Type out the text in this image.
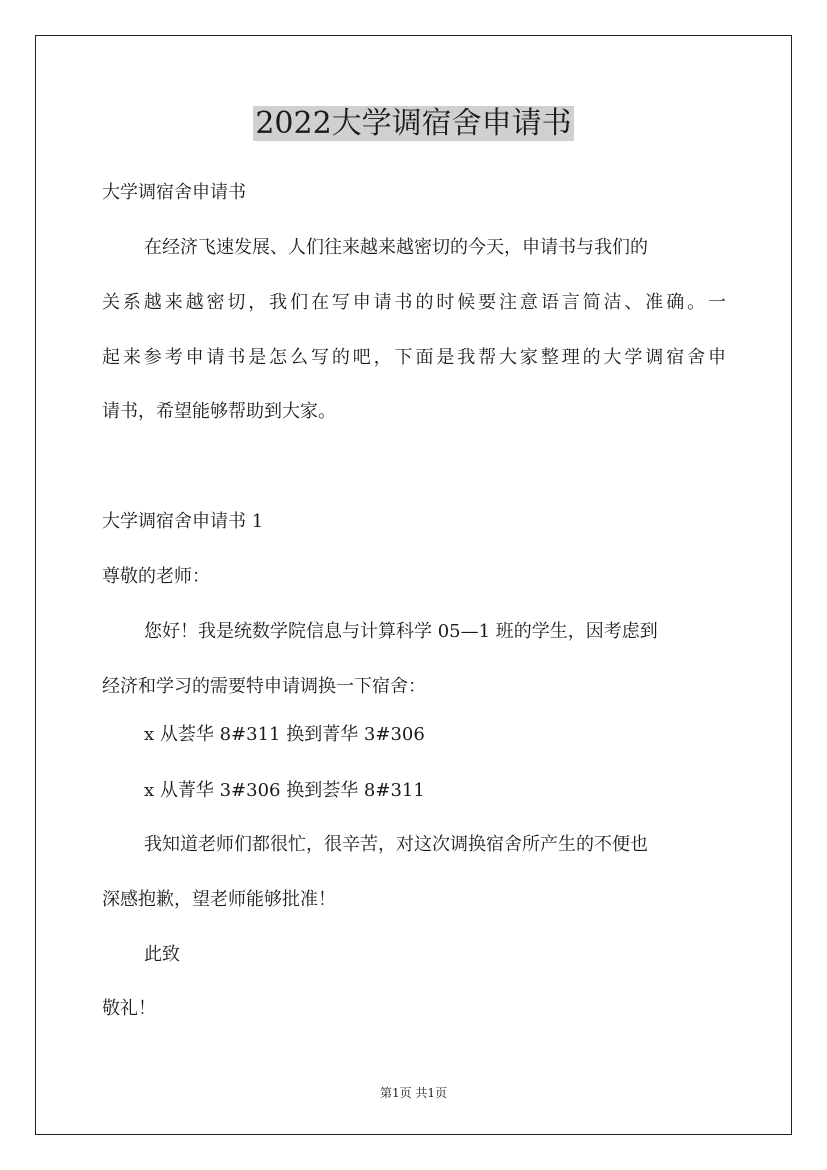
2022大学调宿舍申请书

大学调宿舍申请书

在经济飞速发展、人们往来越来越密切的今天，申请书与我们的

关系越来越密切，我们在写申请书的时候要注意语言简洁、准确。一

起来参考申请书是怎么写的吧，下面是我帮大家整理的大学调宿舍申

请书，希望能够帮助到大家。

大学调宿舍申请书 1

尊敬的老师：

您好！我是统数学院信息与计算科学 05—1 班的学生，因考虑到

经济和学习的需要特申请调换一下宿舍：

x 从荟华 8#311 换到菁华 3#306

x 从菁华 3#306 换到荟华 8#311

我知道老师们都很忙，很辛苦，对这次调换宿舍所产生的不便也

深感抱歉，望老师能够批准！

此致

敬礼！

第1页 共1页
